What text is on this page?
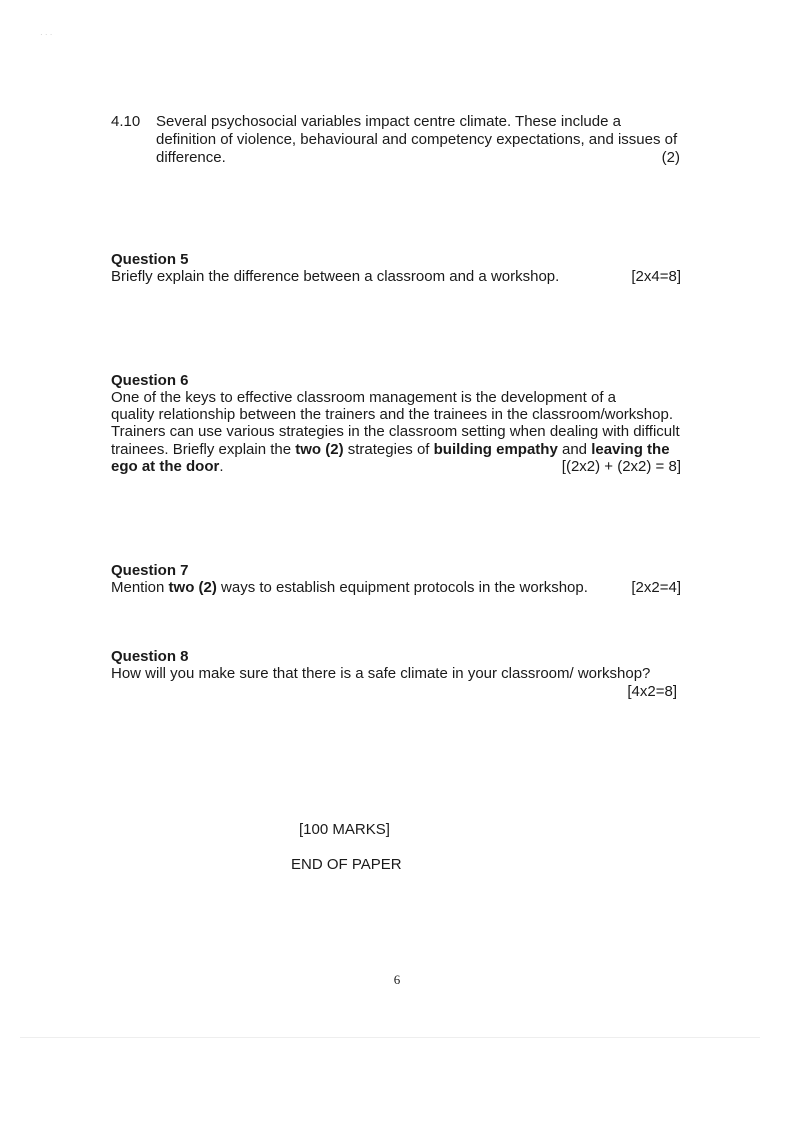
· · ·
4.10	Several psychosocial variables impact centre climate. These include a definition of violence, behavioural and competency expectations, and issues of difference.	(2)
Question 5
Briefly explain the difference between a classroom and a workshop.	[2x4=8]
Question 6
One of the keys to effective classroom management is the development of a
quality relationship between the trainers and the trainees in the classroom/workshop.
Trainers can use various strategies in the classroom setting when dealing with difficult
trainees. Briefly explain the two (2) strategies of building empathy and leaving the
ego at the door.	[(2x2) + (2x2) = 8]
Question 7
Mention two (2) ways to establish equipment protocols in the workshop.	[2x2=4]
Question 8
How will you make sure that there is a safe climate in your classroom/ workshop?
[4x2=8]
[100 MARKS]
END OF PAPER
6
